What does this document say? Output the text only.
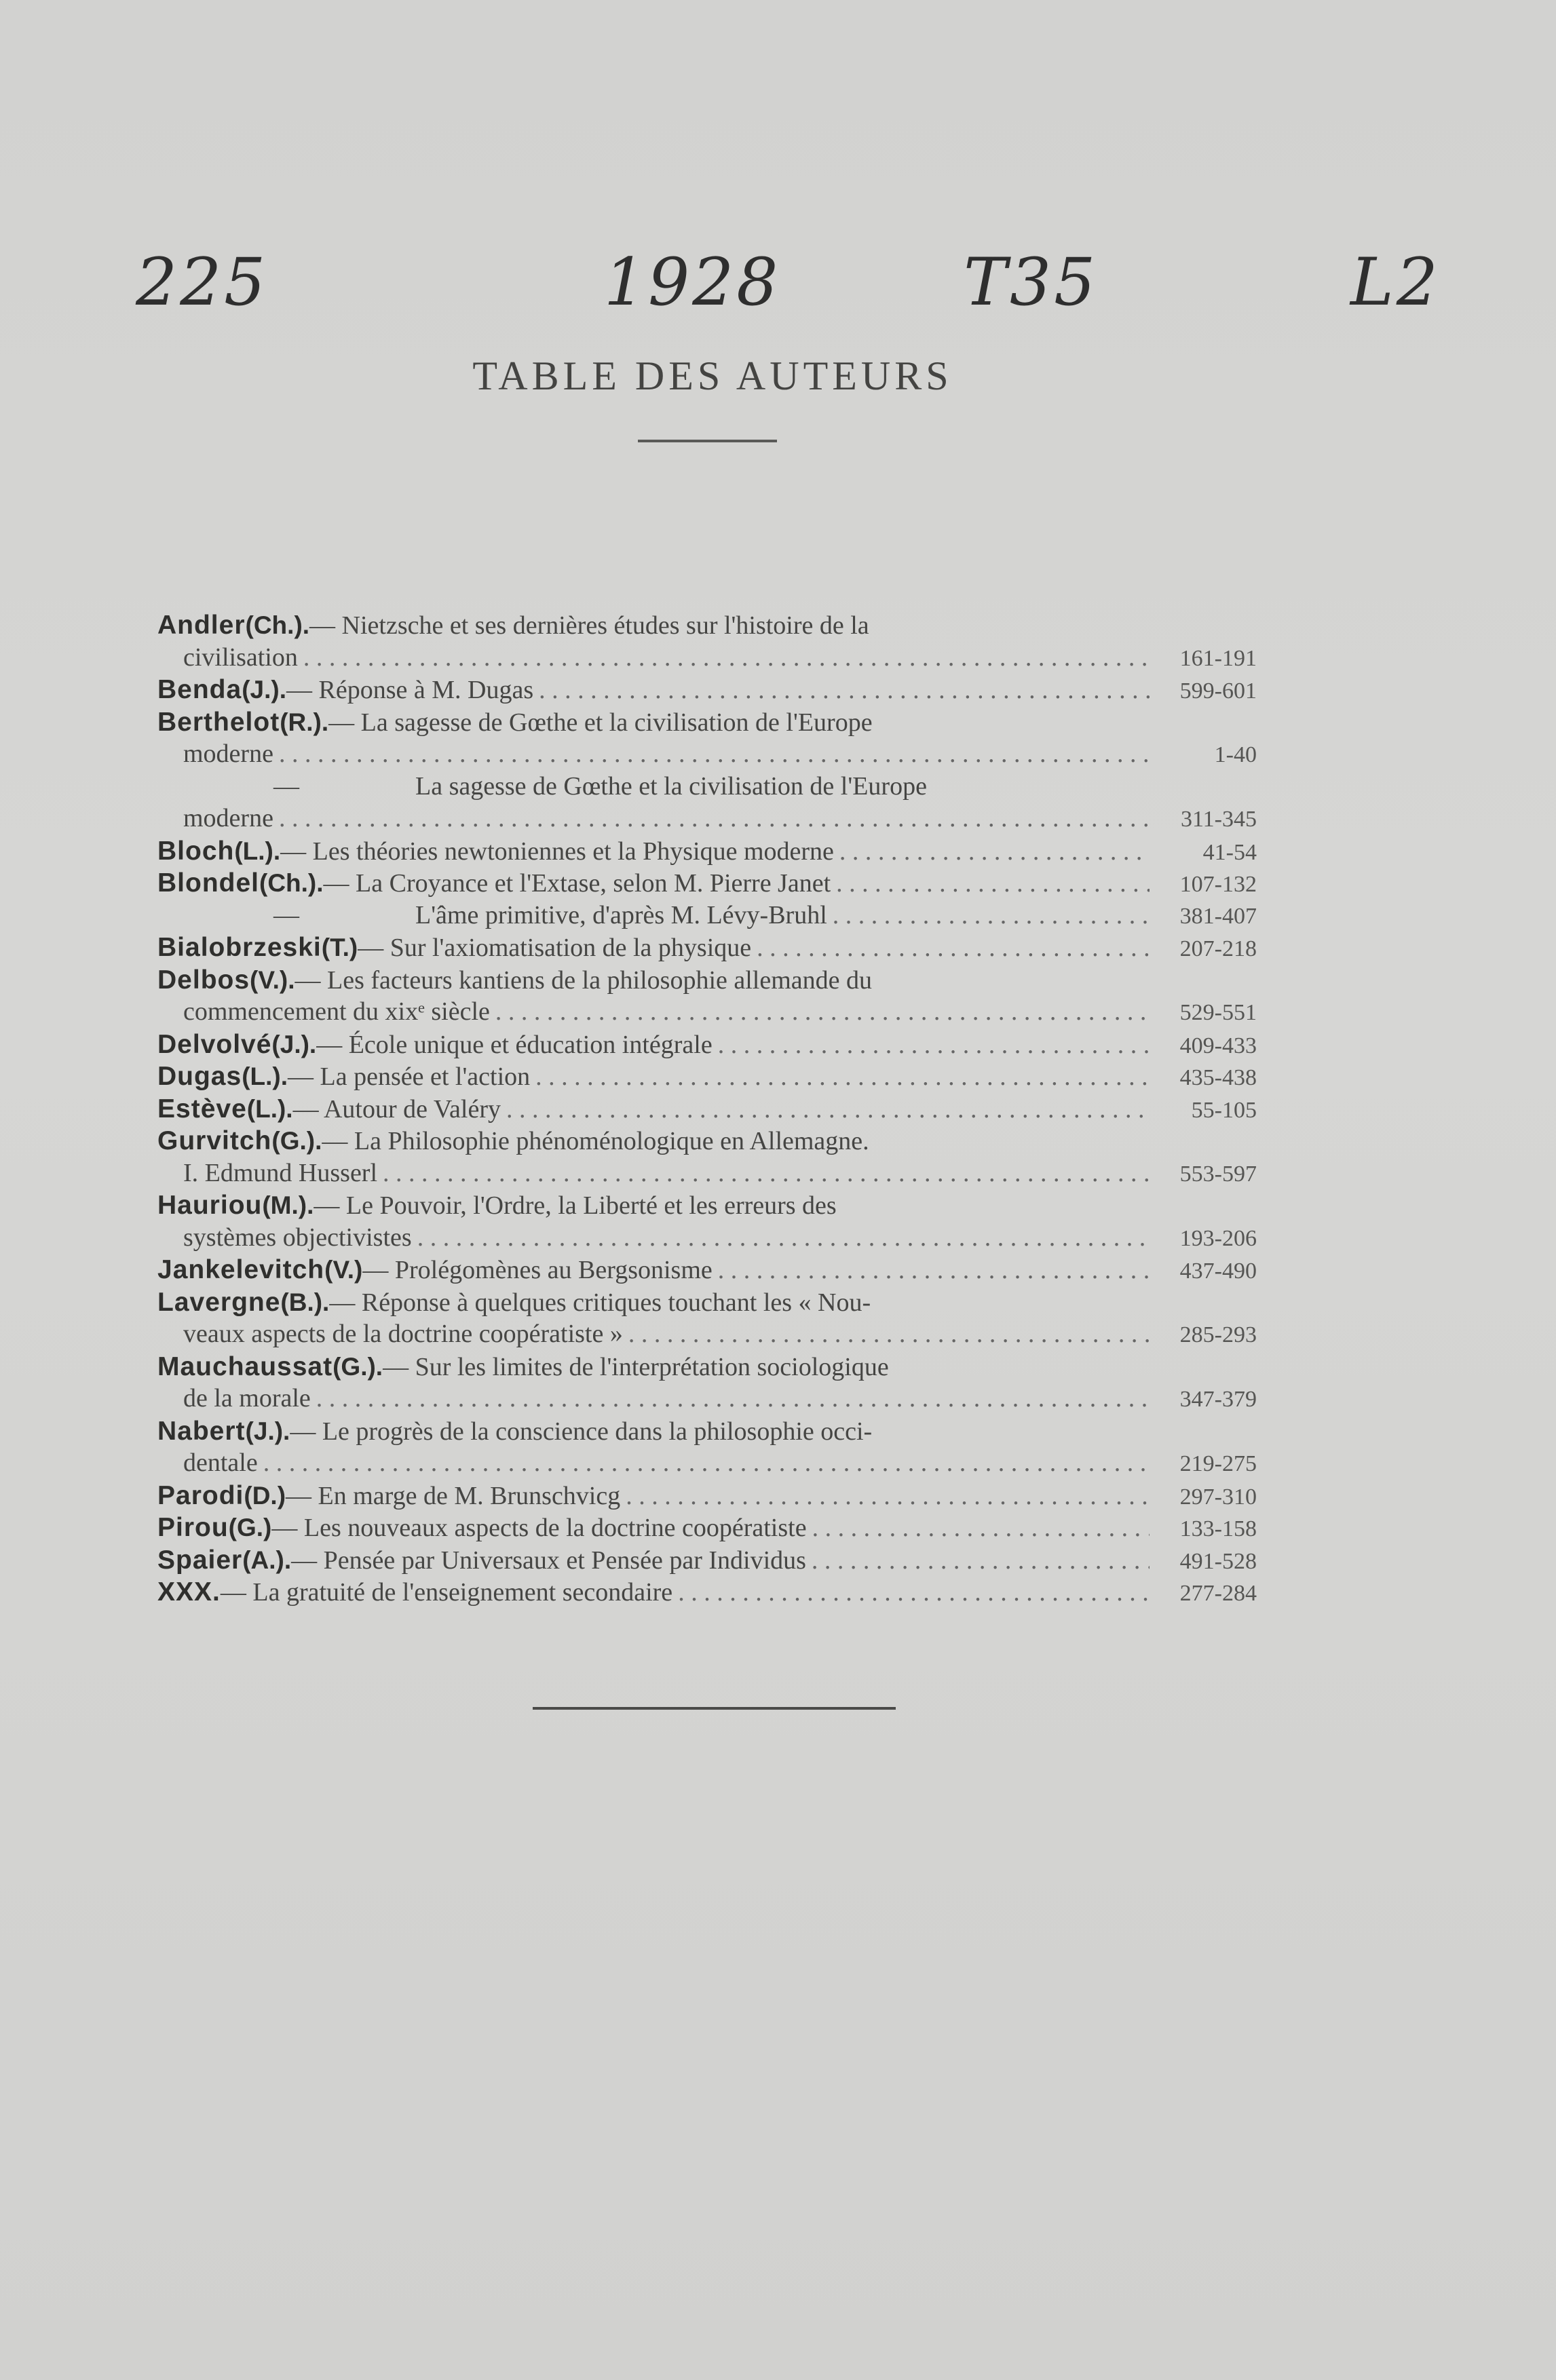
225	1928	T35	L2
TABLE DES AUTEURS
Andler (Ch.). — Nietzsche et ses dernières études sur l'histoire de la
civilisation . . .	161-191
Benda (J.). — Réponse à M. Dugas . . .	599-601
Berthelot (R.). — La sagesse de Gœthe et la civilisation de l'Europe
moderne . . .	1-40
—	La sagesse de Gœthe et la civilisation de l'Europe
moderne . . .	311-345
Bloch (L.). — Les théories newtoniennes et la Physique moderne . . .	41-54
Blondel (Ch.). — La Croyance et l'Extase, selon M. Pierre Janet . . .	107-132
—	L'âme primitive, d'après M. Lévy-Bruhl . . .	381-407
Bialobrzeski (T.) — Sur l'axiomatisation de la physique . . .	207-218
Delbos (V.). — Les facteurs kantiens de la philosophie allemande du
commencement du xixᵉ siècle . . .	529-551
Delvolvé (J.). — École unique et éducation intégrale . . .	409-433
Dugas (L.). — La pensée et l'action . . .	435-438
Estève (L.). — Autour de Valéry . . .	55-105
Gurvitch (G.). — La Philosophie phénoménologique en Allemagne.
I. Edmund Husserl . . .	553-597
Hauriou (M.). — Le Pouvoir, l'Ordre, la Liberté et les erreurs des
systèmes objectivistes . . .	193-206
Jankelevitch (V.) — Prolégomènes au Bergsonisme . . .	437-490
Lavergne (B.). — Réponse à quelques critiques touchant les « Nou-
veaux aspects de la doctrine coopératiste » . . .	285-293
Mauchaussat (G.). — Sur les limites de l'interprétation sociologique
de la morale . . .	347-379
Nabert (J.). — Le progrès de la conscience dans la philosophie occi-
dentale . . .	219-275
Parodi (D.) — En marge de M. Brunschvicg . . .	297-310
Pirou (G.) — Les nouveaux aspects de la doctrine coopératiste . . .	133-158
Spaier (A.). — Pensée par Universaux et Pensée par Individus . . .	491-528
XXX. — La gratuité de l'enseignement secondaire . . .	277-284
